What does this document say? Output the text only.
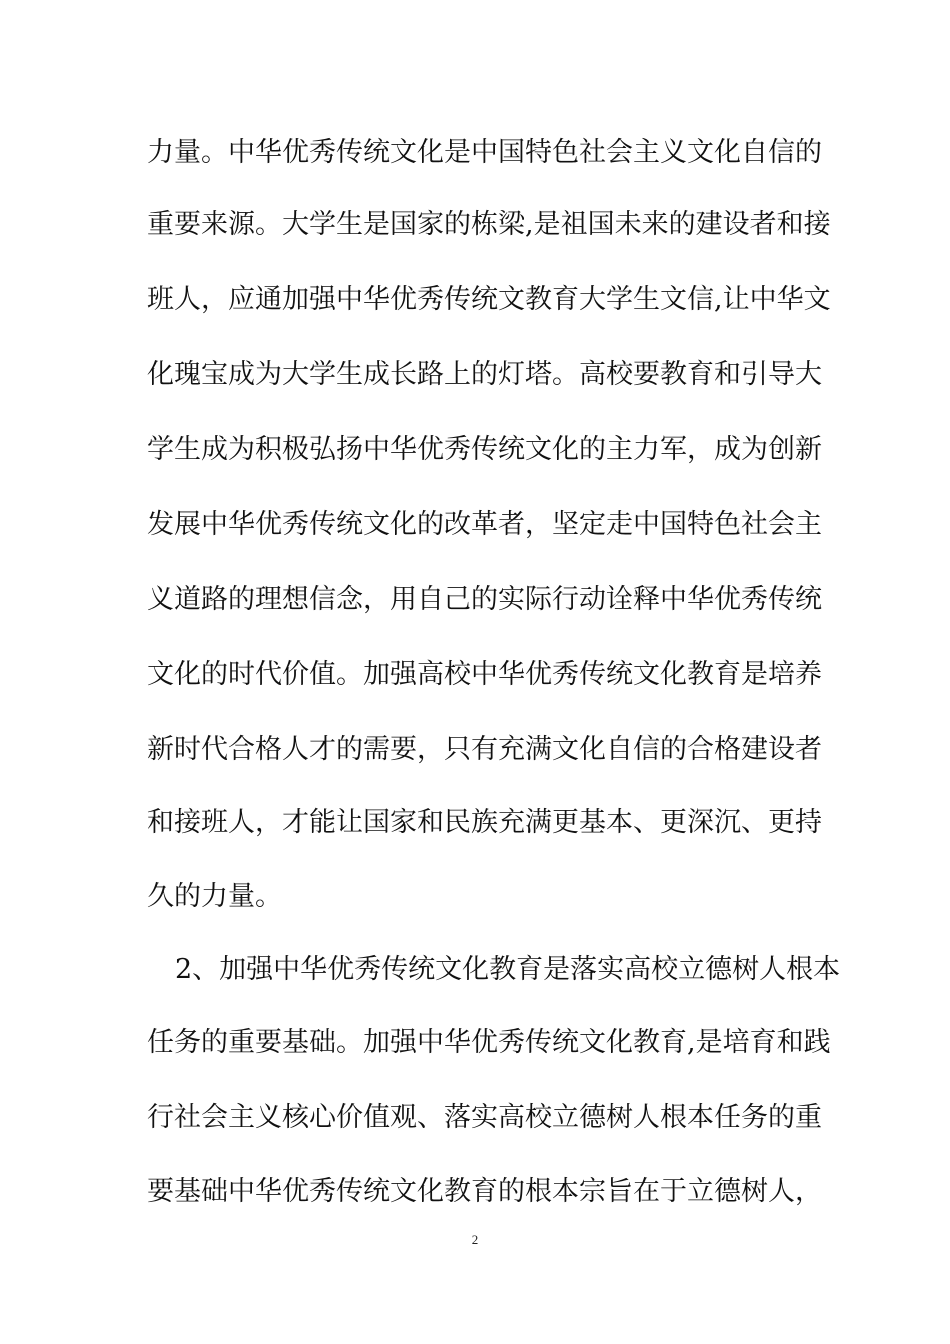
力量。中华优秀传统文化是中国特色社会主义文化自信的
重要来源。大学生是国家的栋梁,是祖国未来的建设者和接
班人，应通加强中华优秀传统文教育大学生文信,让中华文
化瑰宝成为大学生成长路上的灯塔。高校要教育和引导大
学生成为积极弘扬中华优秀传统文化的主力军，成为创新
发展中华优秀传统文化的改革者，坚定走中国特色社会主
义道路的理想信念，用自己的实际行动诠释中华优秀传统
文化的时代价值。加强高校中华优秀传统文化教育是培养
新时代合格人才的需要，只有充满文化自信的合格建设者
和接班人，才能让国家和民族充满更基本、更深沉、更持
久的力量。
2、加强中华优秀传统文化教育是落实高校立德树人根本
任务的重要基础。加强中华优秀传统文化教育,是培育和践
行社会主义核心价值观、落实高校立德树人根本任务的重
要基础中华优秀传统文化教育的根本宗旨在于立德树人，
2
